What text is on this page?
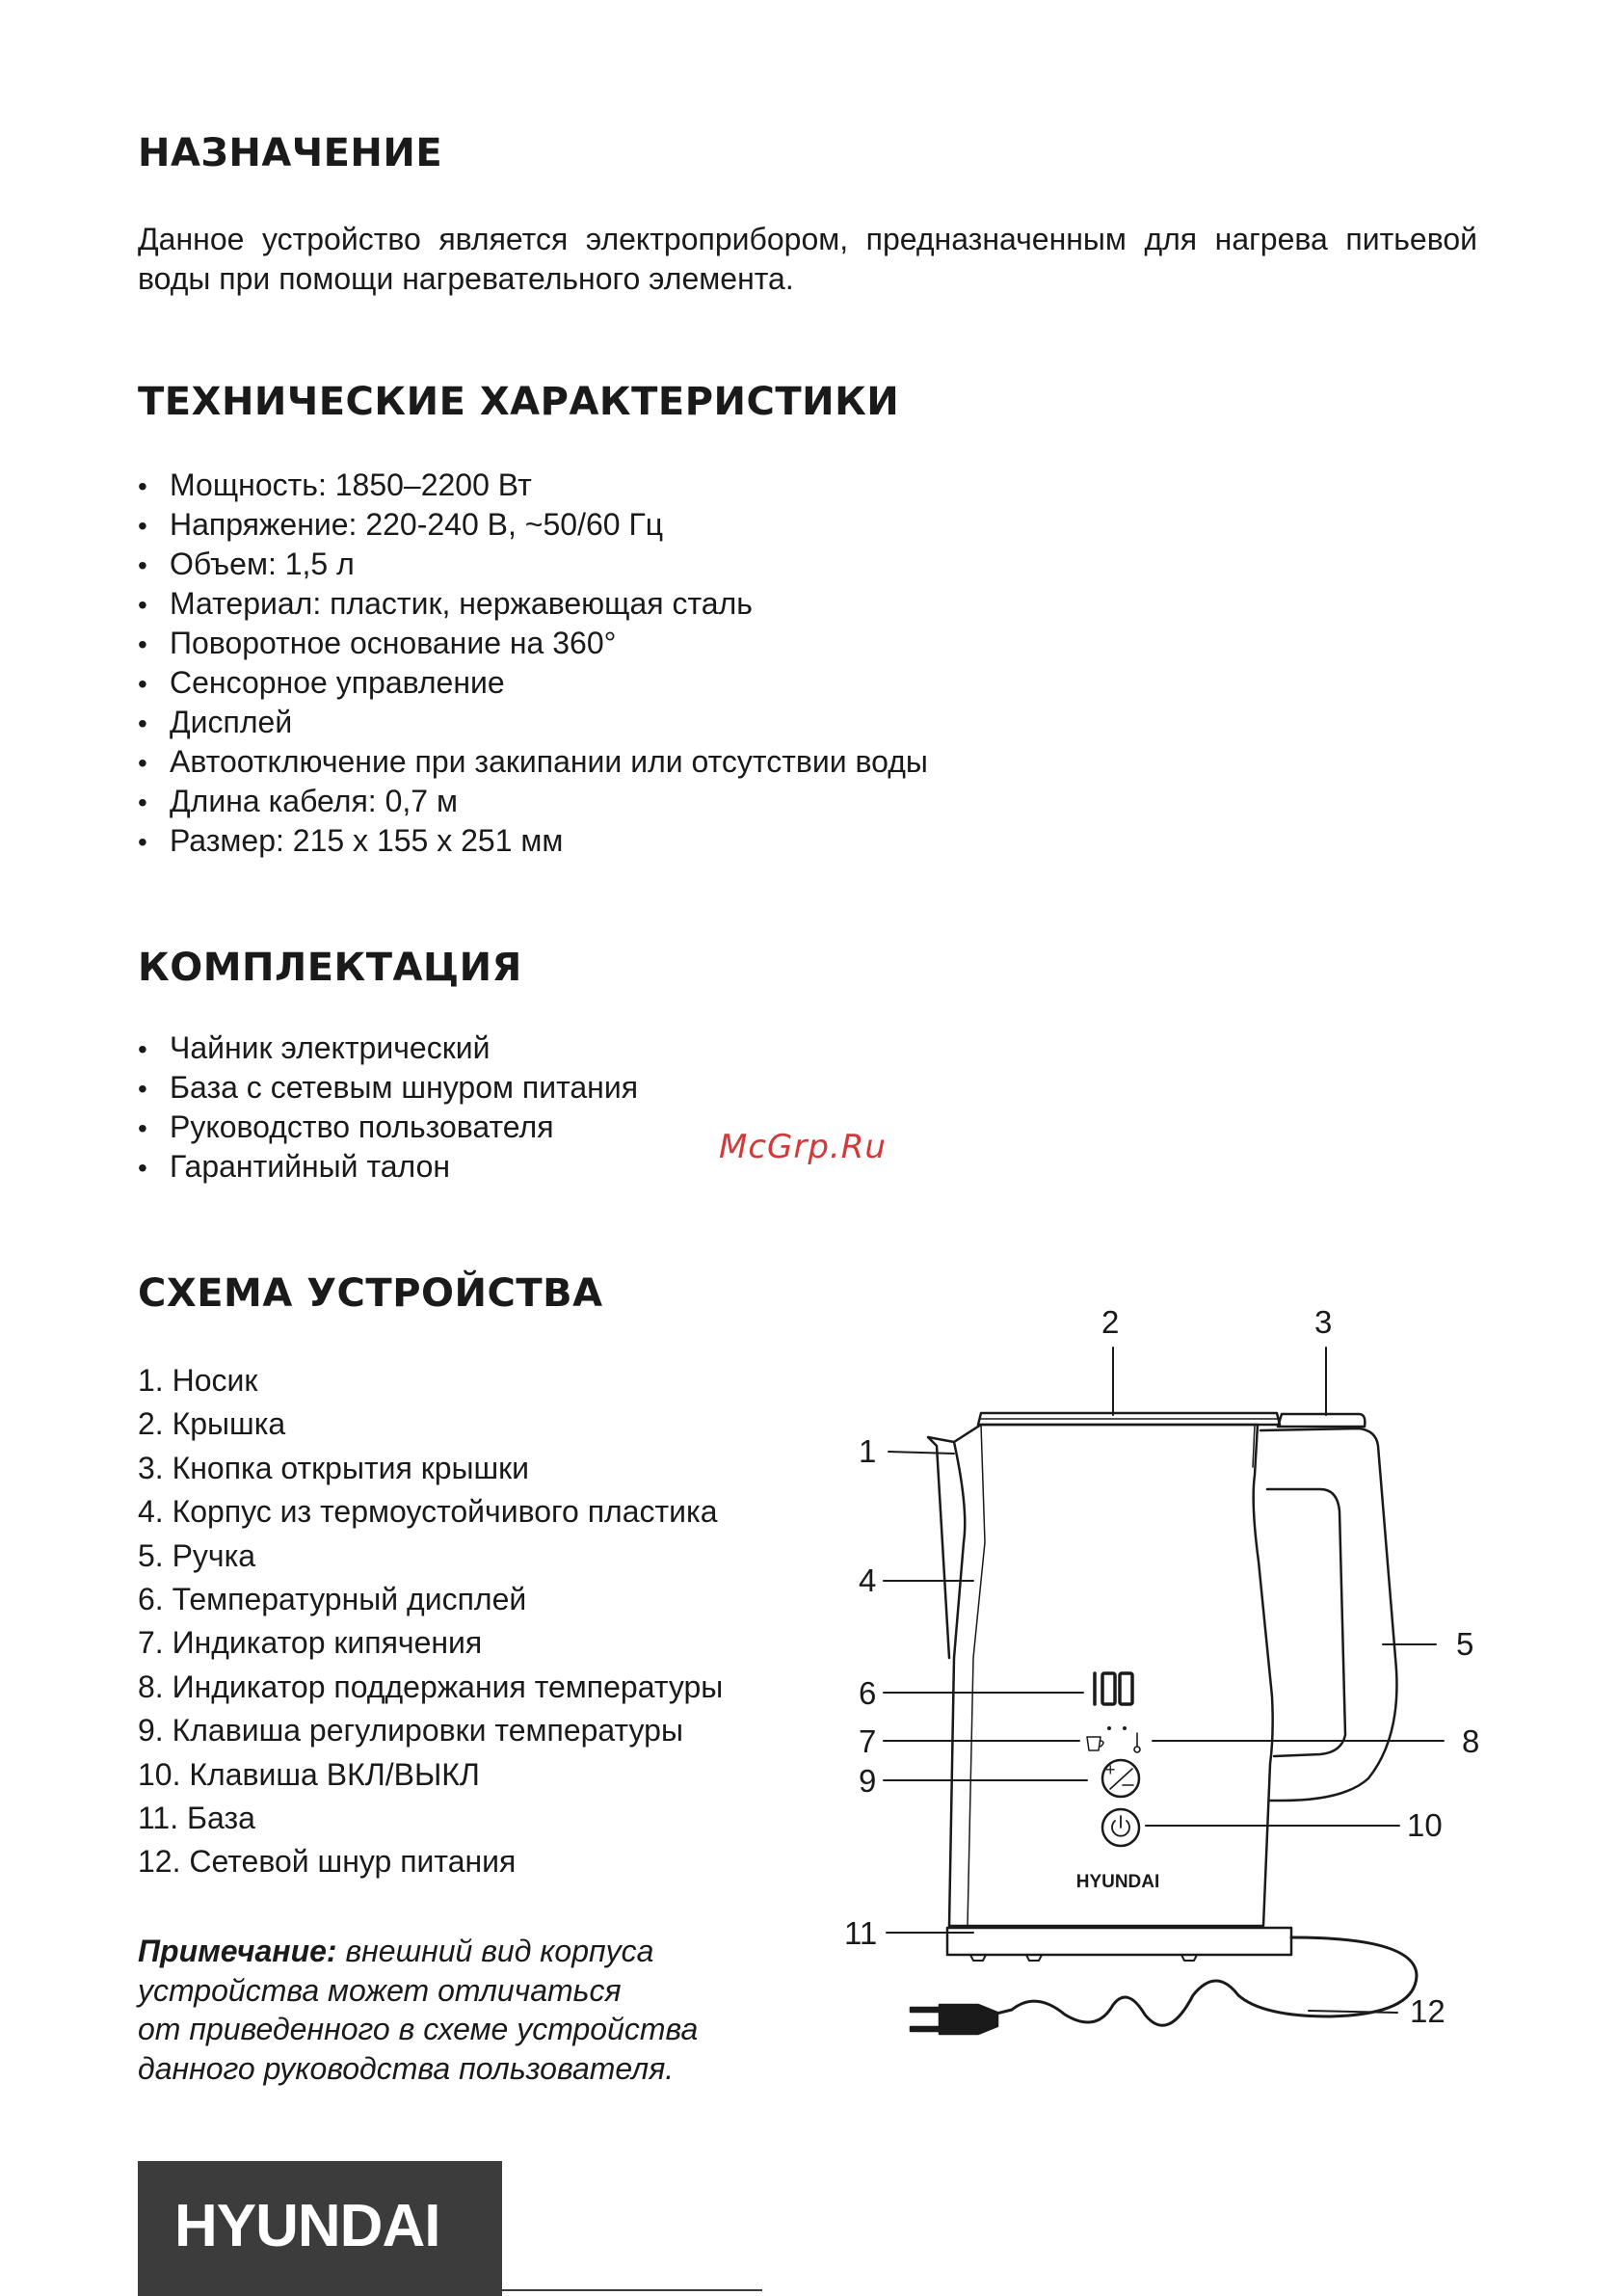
НАЗНАЧЕНИЕ

Данное устройство является электроприбором, предназначенным для нагрева питьевой воды при помощи нагревательного элемента.

ТЕХНИЧЕСКИЕ ХАРАКТЕРИСТИКИ
• Мощность: 1850–2200 Вт
• Напряжение: 220-240 В, ~50/60 Гц
• Объем: 1,5 л
• Материал: пластик, нержавеющая сталь
• Поворотное основание на 360°
• Сенсорное управление
• Дисплей
• Автоотключение при закипании или отсутствии воды
• Длина кабеля: 0,7 м
• Размер: 215 x 155 x 251 мм
КОМПЛЕКТАЦИЯ
• Чайник электрический
• База с сетевым шнуром питания
• Руководство пользователя
• Гарантийный талон	McGrp.Ru
СХЕМА УСТРОЙСТВА
1. Носик
2. Крышка
3. Кнопка открытия крышки
4. Корпус из термоустойчивого пластика
5. Ручка
6. Температурный дисплей
7. Индикатор кипячения
8. Индикатор поддержания температуры
9. Клавиша регулировки температуры
10. Клавиша ВКЛ/ВЫКЛ
11. База
12. Сетевой шнур питания

Примечание: внешний вид корпуса
устройства может отличаться
от приведенного в схеме устройства
данного руководства пользователя.

+
HYUNDAI
2	3
1
4
5
6
7	8
9
10
11
12
HYUNDAI
